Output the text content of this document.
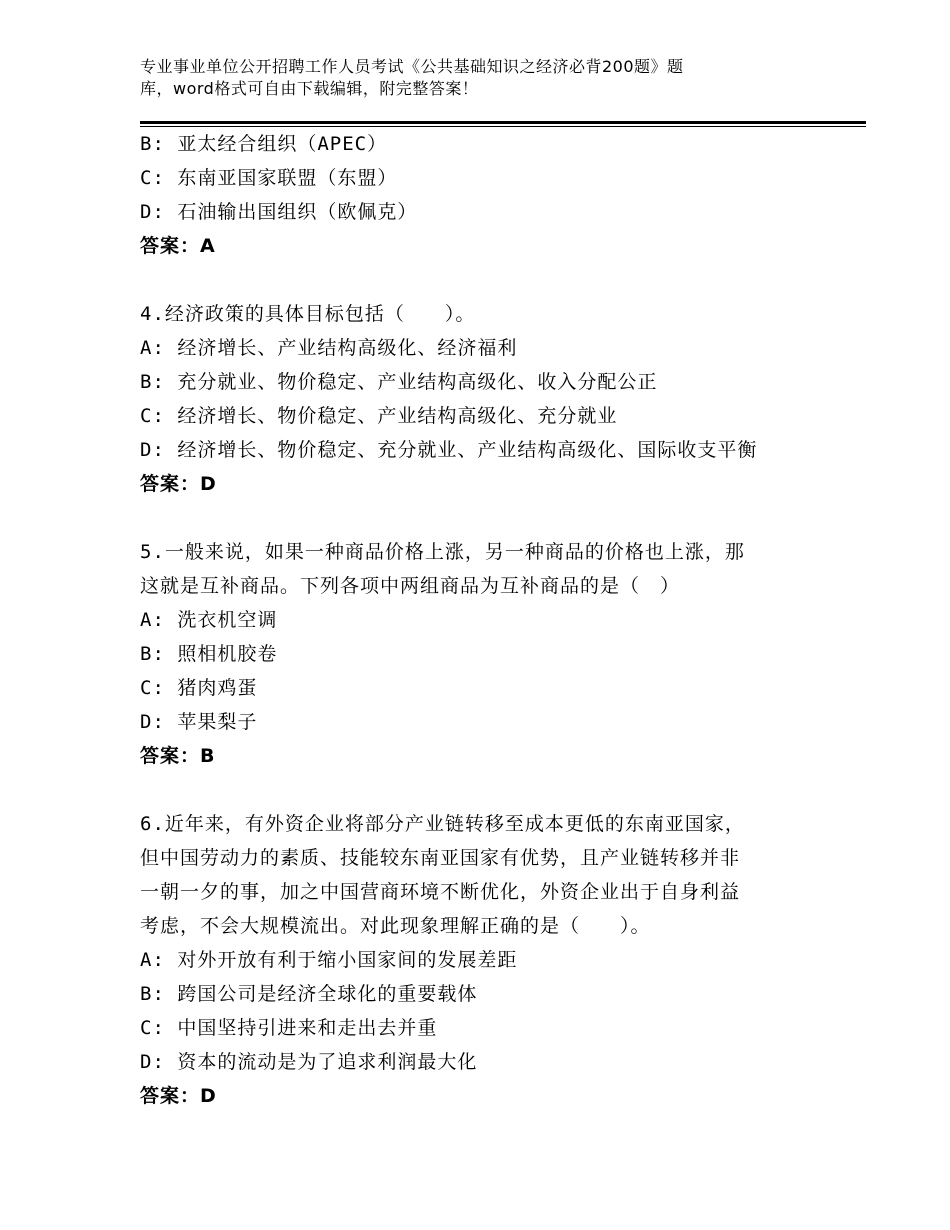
专业事业单位公开招聘工作人员考试《公共基础知识之经济必背200题》题
库，word格式可自由下载编辑，附完整答案！
B: 亚太经合组织（APEC）
C: 东南亚国家联盟（东盟）
D: 石油输出国组织（欧佩克）
答案：A
4.经济政策的具体目标包括（　　）。
A: 经济增长、产业结构高级化、经济福利
B: 充分就业、物价稳定、产业结构高级化、收入分配公正
C: 经济增长、物价稳定、产业结构高级化、充分就业
D: 经济增长、物价稳定、充分就业、产业结构高级化、国际收支平衡
答案：D
5.一般来说，如果一种商品价格上涨，另一种商品的价格也上涨，那
这就是互补商品。下列各项中两组商品为互补商品的是（　）
A: 洗衣机空调
B: 照相机胶卷
C: 猪肉鸡蛋
D: 苹果梨子
答案：B
6.近年来，有外资企业将部分产业链转移至成本更低的东南亚国家，
但中国劳动力的素质、技能较东南亚国家有优势，且产业链转移并非
一朝一夕的事，加之中国营商环境不断优化，外资企业出于自身利益
考虑，不会大规模流出。对此现象理解正确的是（　　）。
A: 对外开放有利于缩小国家间的发展差距
B: 跨国公司是经济全球化的重要载体
C: 中国坚持引进来和走出去并重
D: 资本的流动是为了追求利润最大化
答案：D
